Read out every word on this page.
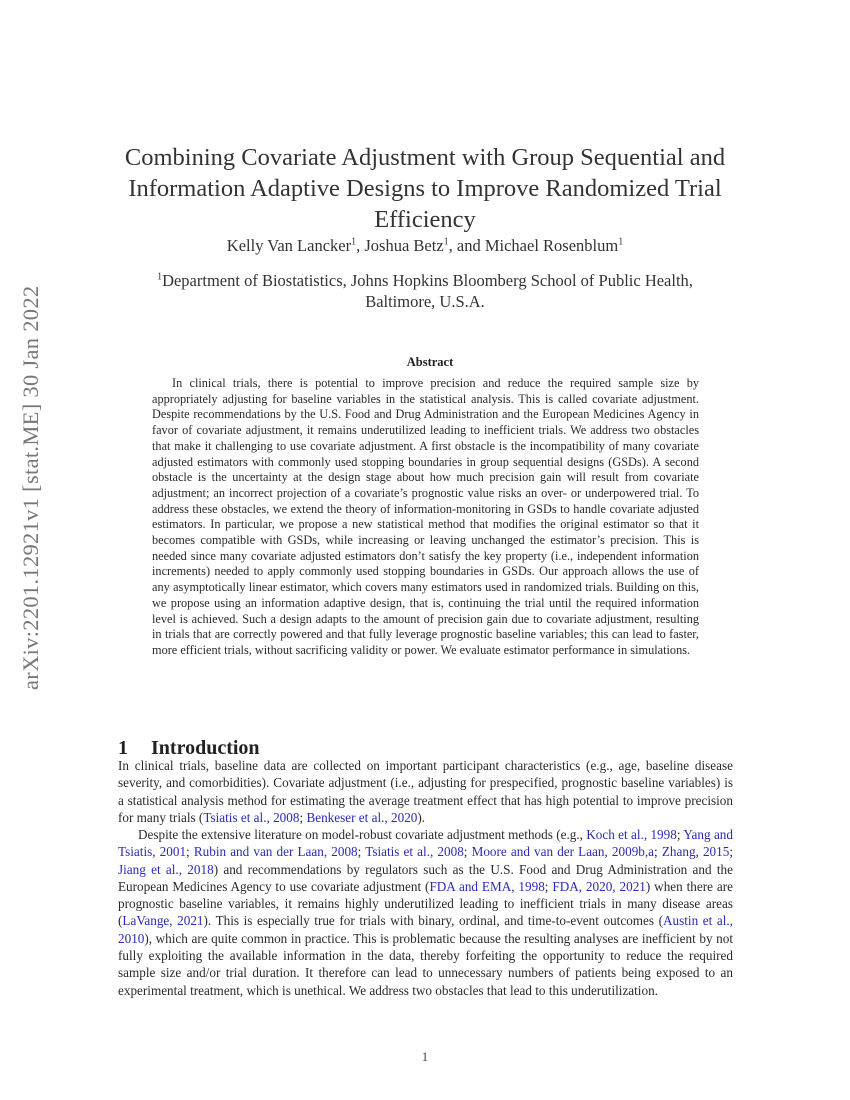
arXiv:2201.12921v1 [stat.ME] 30 Jan 2022
Combining Covariate Adjustment with Group Sequential and Information Adaptive Designs to Improve Randomized Trial Efficiency
Kelly Van Lancker$^1$, Joshua Betz$^1$, and Michael Rosenblum$^1$
$^1$Department of Biostatistics, Johns Hopkins Bloomberg School of Public Health,
Baltimore, U.S.A.
Abstract

In clinical trials, there is potential to improve precision and reduce the required sample size by appropriately adjusting for baseline variables in the statistical analysis. This is called covariate adjustment. Despite recommendations by the U.S. Food and Drug Administration and the European Medicines Agency in favor of covariate adjustment, it remains underutilized leading to inefficient trials. We address two obstacles that make it challenging to use covariate adjustment. A first obstacle is the incompatibility of many covariate adjusted estimators with commonly used stopping boundaries in group sequential designs (GSDs). A second obstacle is the uncertainty at the design stage about how much precision gain will result from covariate adjustment; an incorrect projection of a covariate’s prognostic value risks an over- or underpowered trial. To address these obstacles, we extend the theory of information-monitoring in GSDs to handle covariate adjusted estimators. In particular, we propose a new statistical method that modifies the original estimator so that it becomes compatible with GSDs, while increasing or leaving unchanged the estimator’s precision. This is needed since many covariate adjusted estimators don’t satisfy the key property (i.e., independent information increments) needed to apply commonly used stopping boundaries in GSDs. Our approach allows the use of any asymptotically linear estimator, which covers many estimators used in randomized trials. Building on this, we propose using an information adaptive design, that is, continuing the trial until the required information level is achieved. Such a design adapts to the amount of precision gain due to covariate adjustment, resulting in trials that are correctly powered and that fully leverage prognostic baseline variables; this can lead to faster, more efficient trials, without sacrificing validity or power. We evaluate estimator performance in simulations.

1 Introduction

In clinical trials, baseline data are collected on important participant characteristics (e.g., age, baseline disease severity, and comorbidities). Covariate adjustment (i.e., adjusting for prespecified, prognostic baseline variables) is a statistical analysis method for estimating the average treatment effect that has high potential to improve precision for many trials (Tsiatis et al., 2008; Benkeser et al., 2020).

Despite the extensive literature on model-robust covariate adjustment methods (e.g., Koch et al., 1998; Yang and Tsiatis, 2001; Rubin and van der Laan, 2008; Tsiatis et al., 2008; Moore and van der Laan, 2009b,a; Zhang, 2015; Jiang et al., 2018) and recommendations by regulators such as the U.S. Food and Drug Administration and the European Medicines Agency to use covariate adjustment (FDA and EMA, 1998; FDA, 2020, 2021) when there are prognostic baseline variables, it remains highly underutilized leading to inefficient trials in many disease areas (LaVange, 2021). This is especially true for trials with binary, ordinal, and time-to-event outcomes (Austin et al., 2010), which are quite common in practice. This is problematic because the resulting analyses are inefficient by not fully exploiting the available information in the data, thereby forfeiting the opportunity to reduce the required sample size and/or trial duration. It therefore can lead to unnecessary numbers of patients being exposed to an experimental treatment, which is unethical. We address two obstacles that lead to this underutilization.

1
